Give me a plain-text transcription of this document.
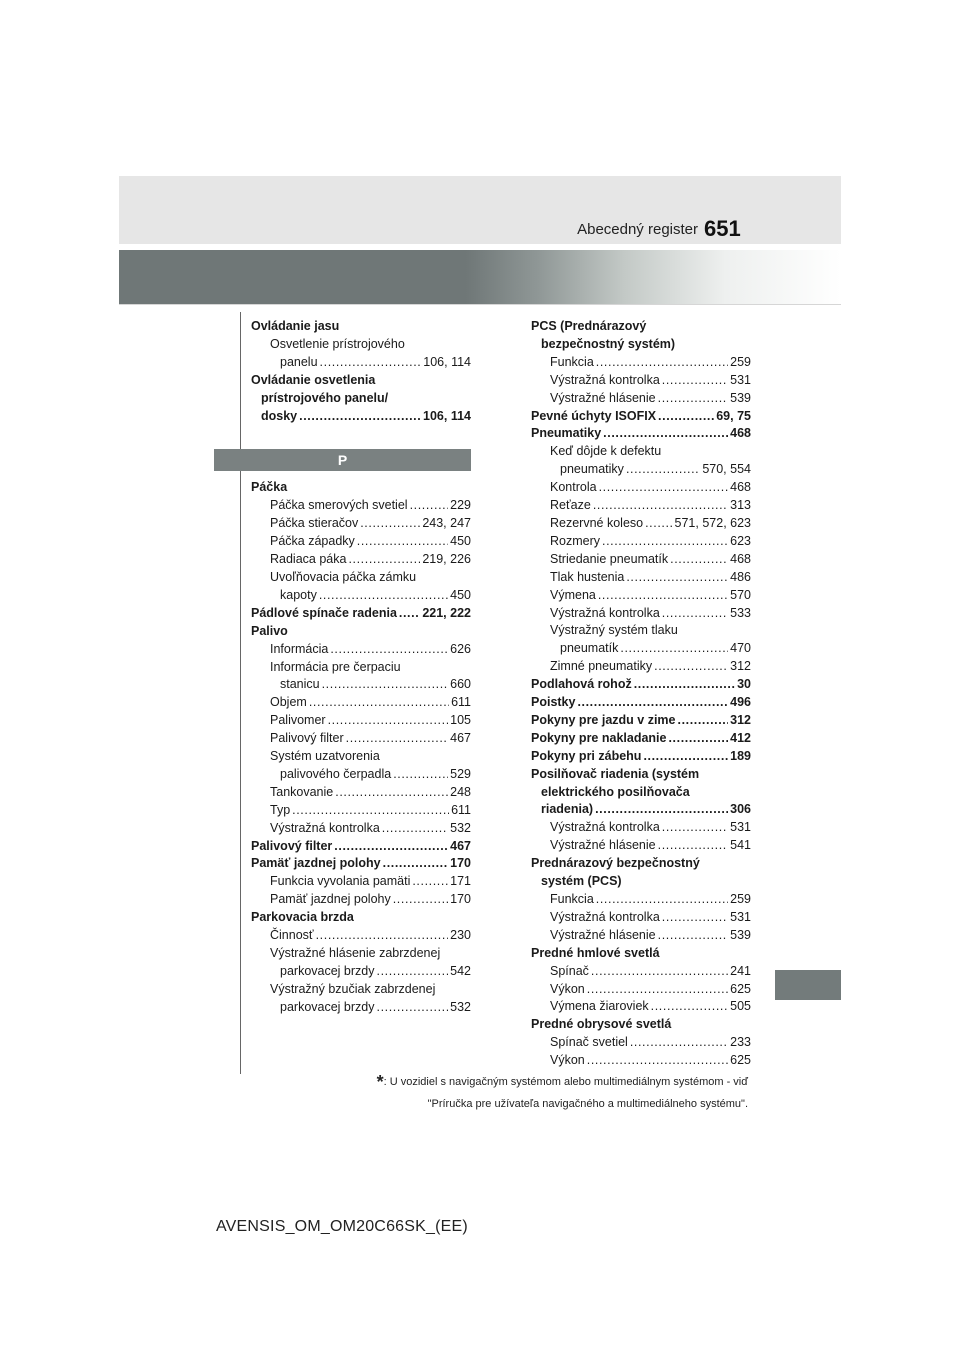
Abecedný register 651
Ovládanie jasu
Osvetlenie prístrojového
panelu .....	106, 114
Ovládanie osvetlenia
prístrojového panelu/
dosky .....	106, 114
Páčka
Páčka smerových svetiel .....	229
Páčka stieračov .....	243, 247
Páčka západky .....	450
Radiaca páka .....	219, 226
Uvoľňovacia páčka zámku
kapoty .....	450
Pádlové spínače radenia ..... 221, 222
Palivo
Informácia .....	626
Informácia pre čerpaciu
stanicu .....	660
Objem .....	611
Palivomer .....	105
Palivový filter .....	467
Systém uzatvorenia
palivového čerpadla .....	529
Tankovanie .....	248
Typ .....	611
Výstražná kontrolka .....	532
Palivový filter .....	467
Pamäť jazdnej polohy .....	170
Funkcia vyvolania pamäti .....	171
Pamäť jazdnej polohy .....	170
Parkovacia brzda
Činnosť .....	230
Výstražné hlásenie zabrzdenej
parkovacej brzdy .....	542
Výstražný bzučiak zabrzdenej
parkovacej brzdy .....	532
P
PCS (Prednárazový
bezpečnostný systém)
Funkcia .....	259
Výstražná kontrolka .....	531
Výstražné hlásenie .....	539
Pevné úchyty ISOFIX .....	69, 75
Pneumatiky .....	468
Keď dôjde k defektu
pneumatiky .....	570, 554
Kontrola .....	468
Reťaze .....	313
Rezervné koleso .....	571, 572, 623
Rozmery .....	623
Striedanie pneumatík .....	468
Tlak hustenia .....	486
Výmena .....	570
Výstražná kontrolka .....	533
Výstražný systém tlaku
pneumatík .....	470
Zimné pneumatiky .....	312
Podlahová rohož .....	30
Poistky .....	496
Pokyny pre jazdu v zime .....	312
Pokyny pre nakladanie .....	412
Pokyny pri zábehu .....	189
Posilňovač riadenia (systém
elektrického posilňovača
riadenia) .....	306
Výstražná kontrolka .....	531
Výstražné hlásenie .....	541
Prednárazový bezpečnostný
systém (PCS)
Funkcia .....	259
Výstražná kontrolka .....	531
Výstražné hlásenie .....	539
Predné hmlové svetlá
Spínač .....	241
Výkon .....	625
Výmena žiaroviek .....	505
Predné obrysové svetlá
Spínač svetiel .....	233
Výkon .....	625
*: U vozidiel s navigačným systémom alebo multimediálnym systémom - viď
"Príručka pre užívateľa navigačného a multimediálneho systému".
AVENSIS_OM_OM20C66SK_(EE)
